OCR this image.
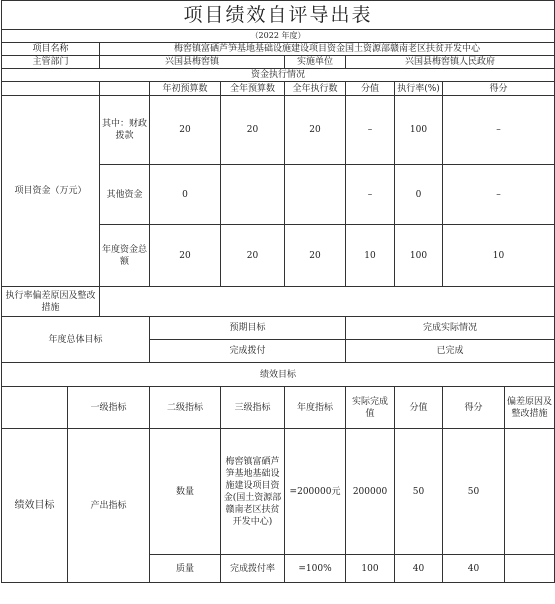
项目绩效自评导出表									
（2022 年度）									
项目名称		梅窖镇富硒芦笋基地基础设施建设项目资金国土资源部赣南老区扶贫开发中心							
主管部门		兴国县梅窖镇			实施单位	兴国县梅窖镇人民政府			
资金执行情况									
			年初预算数	全年预算数	全年执行数	分值	执行率(%)	得分	
项目资金（万元）		其中：财政拨款	20	20	20	–	100	–	
		其他资金	0			–	0	–	
		年度资金总额	20	20	20	10	100	10	
执行率偏差原因及整改措施									
年度总体目标			预期目标			完成实际情况			
			完成拨付			已完成			
绩效目标									
	一级指标		二级指标	三级指标	年度指标	实际完成值	分值	得分	偏差原因及整改措施
绩效目标	产出指标		数量	梅窖镇富硒芦笋基地基础设施建设项目资金(国土资源部赣南老区扶贫开发中心)	=200000元	200000	50	50	
			质量	完成拨付率	=100%	100	40	40	
